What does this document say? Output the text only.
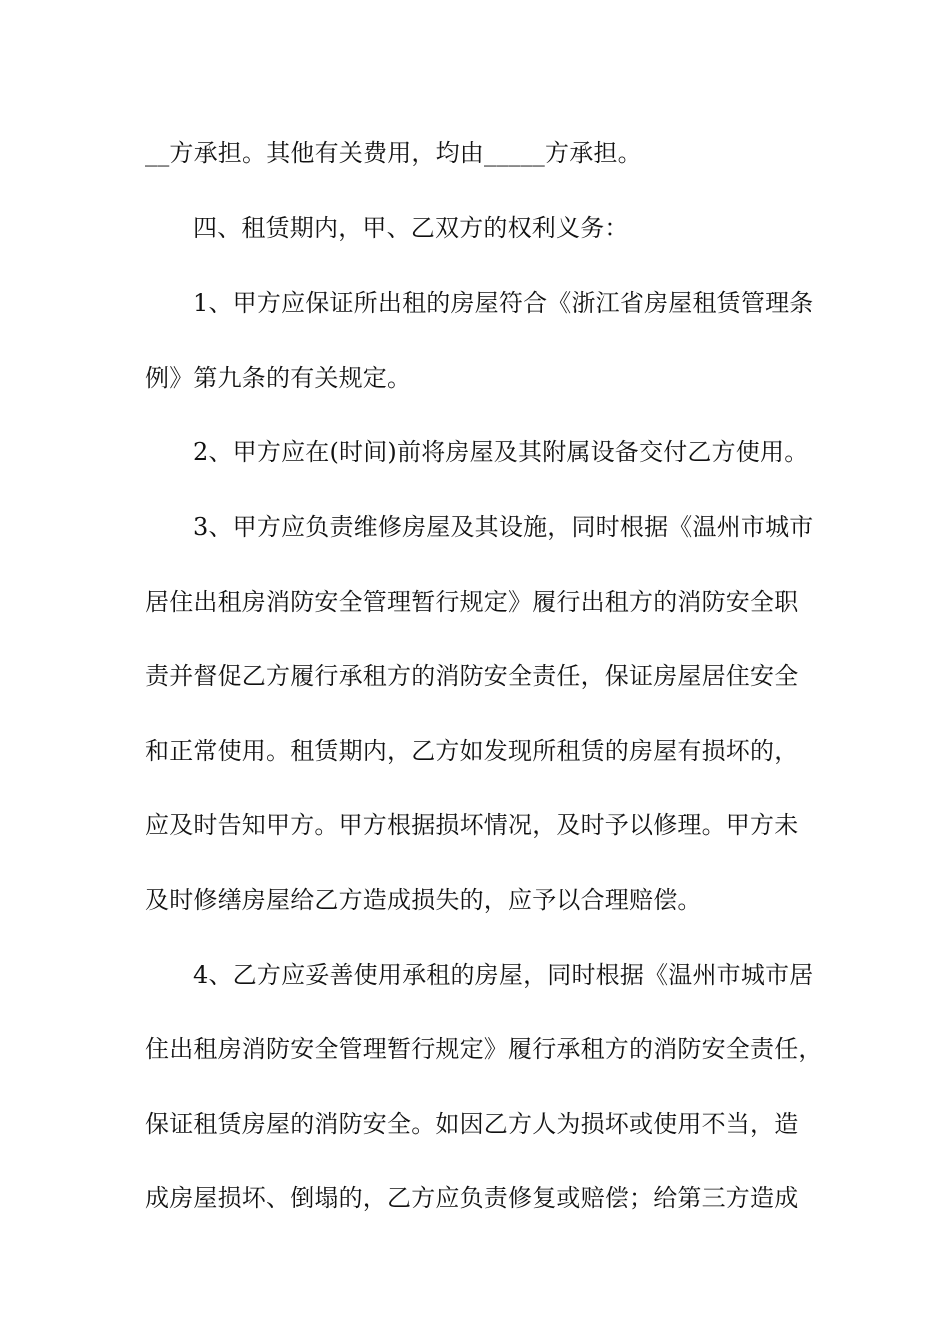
__方承担。其他有关费用，均由_____方承担。
四、租赁期内，甲、乙双方的权利义务：
1、甲方应保证所出租的房屋符合《浙江省房屋租赁管理条
例》第九条的有关规定。
2、甲方应在(时间)前将房屋及其附属设备交付乙方使用。
3、甲方应负责维修房屋及其设施，同时根据《温州市城市
居住出租房消防安全管理暂行规定》履行出租方的消防安全职
责并督促乙方履行承租方的消防安全责任，保证房屋居住安全
和正常使用。租赁期内，乙方如发现所租赁的房屋有损坏的，
应及时告知甲方。甲方根据损坏情况，及时予以修理。甲方未
及时修缮房屋给乙方造成损失的，应予以合理赔偿。
4、乙方应妥善使用承租的房屋，同时根据《温州市城市居
住出租房消防安全管理暂行规定》履行承租方的消防安全责任，
保证租赁房屋的消防安全。如因乙方人为损坏或使用不当，造
成房屋损坏、倒塌的，乙方应负责修复或赔偿；给第三方造成
